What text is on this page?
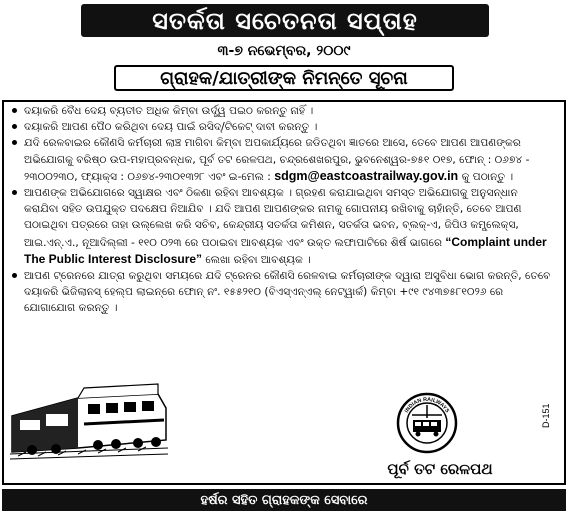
ସତର୍କତା ସଚେତନତା ସପ୍ତାହ
୩-୭ ନଭେମ୍ବର, ୨୦୦୯
ଗ୍ରାହକ/ଯାତ୍ରୀଙ୍କ ନିମନ୍ତେ ସୂଚନା
ଦୟାକରି ବୈଧ ଦେୟ ବ୍ୟତୀତ ଅଧିକ କିମ୍ବା ଉର୍ଦ୍ଧ୍ୱ ପଇଠ କରନ୍ତୁ ନାହିଁ ।
ଦୟାକରି ଆପଣ ପୈଠ କରିଥିବା ଦେୟ ପାଇଁ ରସିଦ୍/ଟିକେଟ୍ ଦାବୀ କରନ୍ତୁ ।
ଯଦି ରେଳବାଇର କୌଣସି କର୍ମଚାରୀ ଲାଞ୍ଚ ମାଗିବା କିମ୍ବା ଅପକାର୍ଯ୍ୟରେ ଜଡିତଥିବା ଜ୍ଞାତରେ ଆସେ, ତେବେ ଆପଣ ଆପଣଙ୍କର ଅଭିଯୋଗକୁ ବରିଷ୍ଠ ଉପ-ମହାପ୍ରବନ୍ଧକ, ପୂର୍ବ ତଟ ରେଳପଥ, ଚନ୍ଦ୍ରଶେଖରପୁର, ଭୁବନେଶ୍ୱର-୭୫୧ ୦୧୭, ଫୋନ୍ : ୦୬୭୪ - ୨୩୦୦୨୩୦, ଫ୍ୟାକ୍ସ : ୦୬୭୪-୨୩୦୧୩୨୮ ଏବଂ ଇ-ମେଲ : sdgm@eastcoastrailway.gov.in କୁ ପଠାନ୍ତୁ ।
ଆପଣଙ୍କ ଅଭିଯୋଗରେ ସ୍ୱାକ୍ଷର ଏବଂ ଠିକଣା ରହିବା ଆବଶ୍ୟକ । ଗ୍ରହଣ କରାଯାଇଥିବା ସମସ୍ତ ଅଭିଯୋଗକୁ ଅନୁସନ୍ଧାନ କରାଯିବା ସହିତ ଉପଯୁକ୍ତ ପଦକ୍ଷେପ ନିଆଯିବ । ଯଦି ଆପଣ ଆପଣଙ୍କର ନାମକୁ ଗୋପନୀୟ ରଖିବାକୁ ଚାହାଁନ୍ତି, ତେବେ ଆପଣ ପଠାଇଥିବା ପତ୍ରରେ ତାହା ଉଲ୍ଲେଖ କରି ସଚିବ, କେନ୍ଦ୍ରୀୟ ସତର୍କତା କମିଶନ, ସତର୍କତା ଭବନ, ବ୍ଲକ୍-ଏ, ଜିପିଓ କମ୍ପ୍ଲେକ୍ସ, ଆଇ.ଏନ୍.ଏ., ନୂଆଦିଲ୍ଲୀ - ୧୧୦ ୦୨୩ ରେ ପଠାଇବା ଆବଶ୍ୟକ ଏବଂ ଉକ୍ତ ଲଫାପାଟିରେ ଶିର୍ଷ ଭାଗରେ “Complaint under The Public Interest Disclosure” ଲେଖା ରହିବା ଆବଶ୍ୟକ ।
ଆପଣ ଟ୍ରେନରେ ଯାତ୍ରା କରୁଥିବା ସମୟରେ ଯଦି ଟ୍ରେନର କୌଣସି ରେଳବାଇ କର୍ମଚାରୀଙ୍କ ଦ୍ୱାରା ଅସୁବିଧା ଭୋଗ କରନ୍ତି, ତେବେ ଦୟାକରି ଭିଜିଲାନସ୍ ହେଲ୍ପ ଲାଇନ୍‌ରେ ଫୋନ୍ ନଂ. ୧୫୫୨୧୦ (ବିଏସ୍‌ଏନ୍‌ଏଲ୍ ନେଟ୍‌ୱାର୍କ) କିମ୍ବା +୯୧ ୯୪୩୭୫୮୧୦୨୬ ରେ ଯୋଗାଯୋଗ କରନ୍ତୁ ।
INDIAN RAILWAYS	D-151
ପୂର୍ବ ତଟ ରେଳପଥ
ହର୍ଷର ସହିତ ଗ୍ରାହକଙ୍କ ସେବାରେ
